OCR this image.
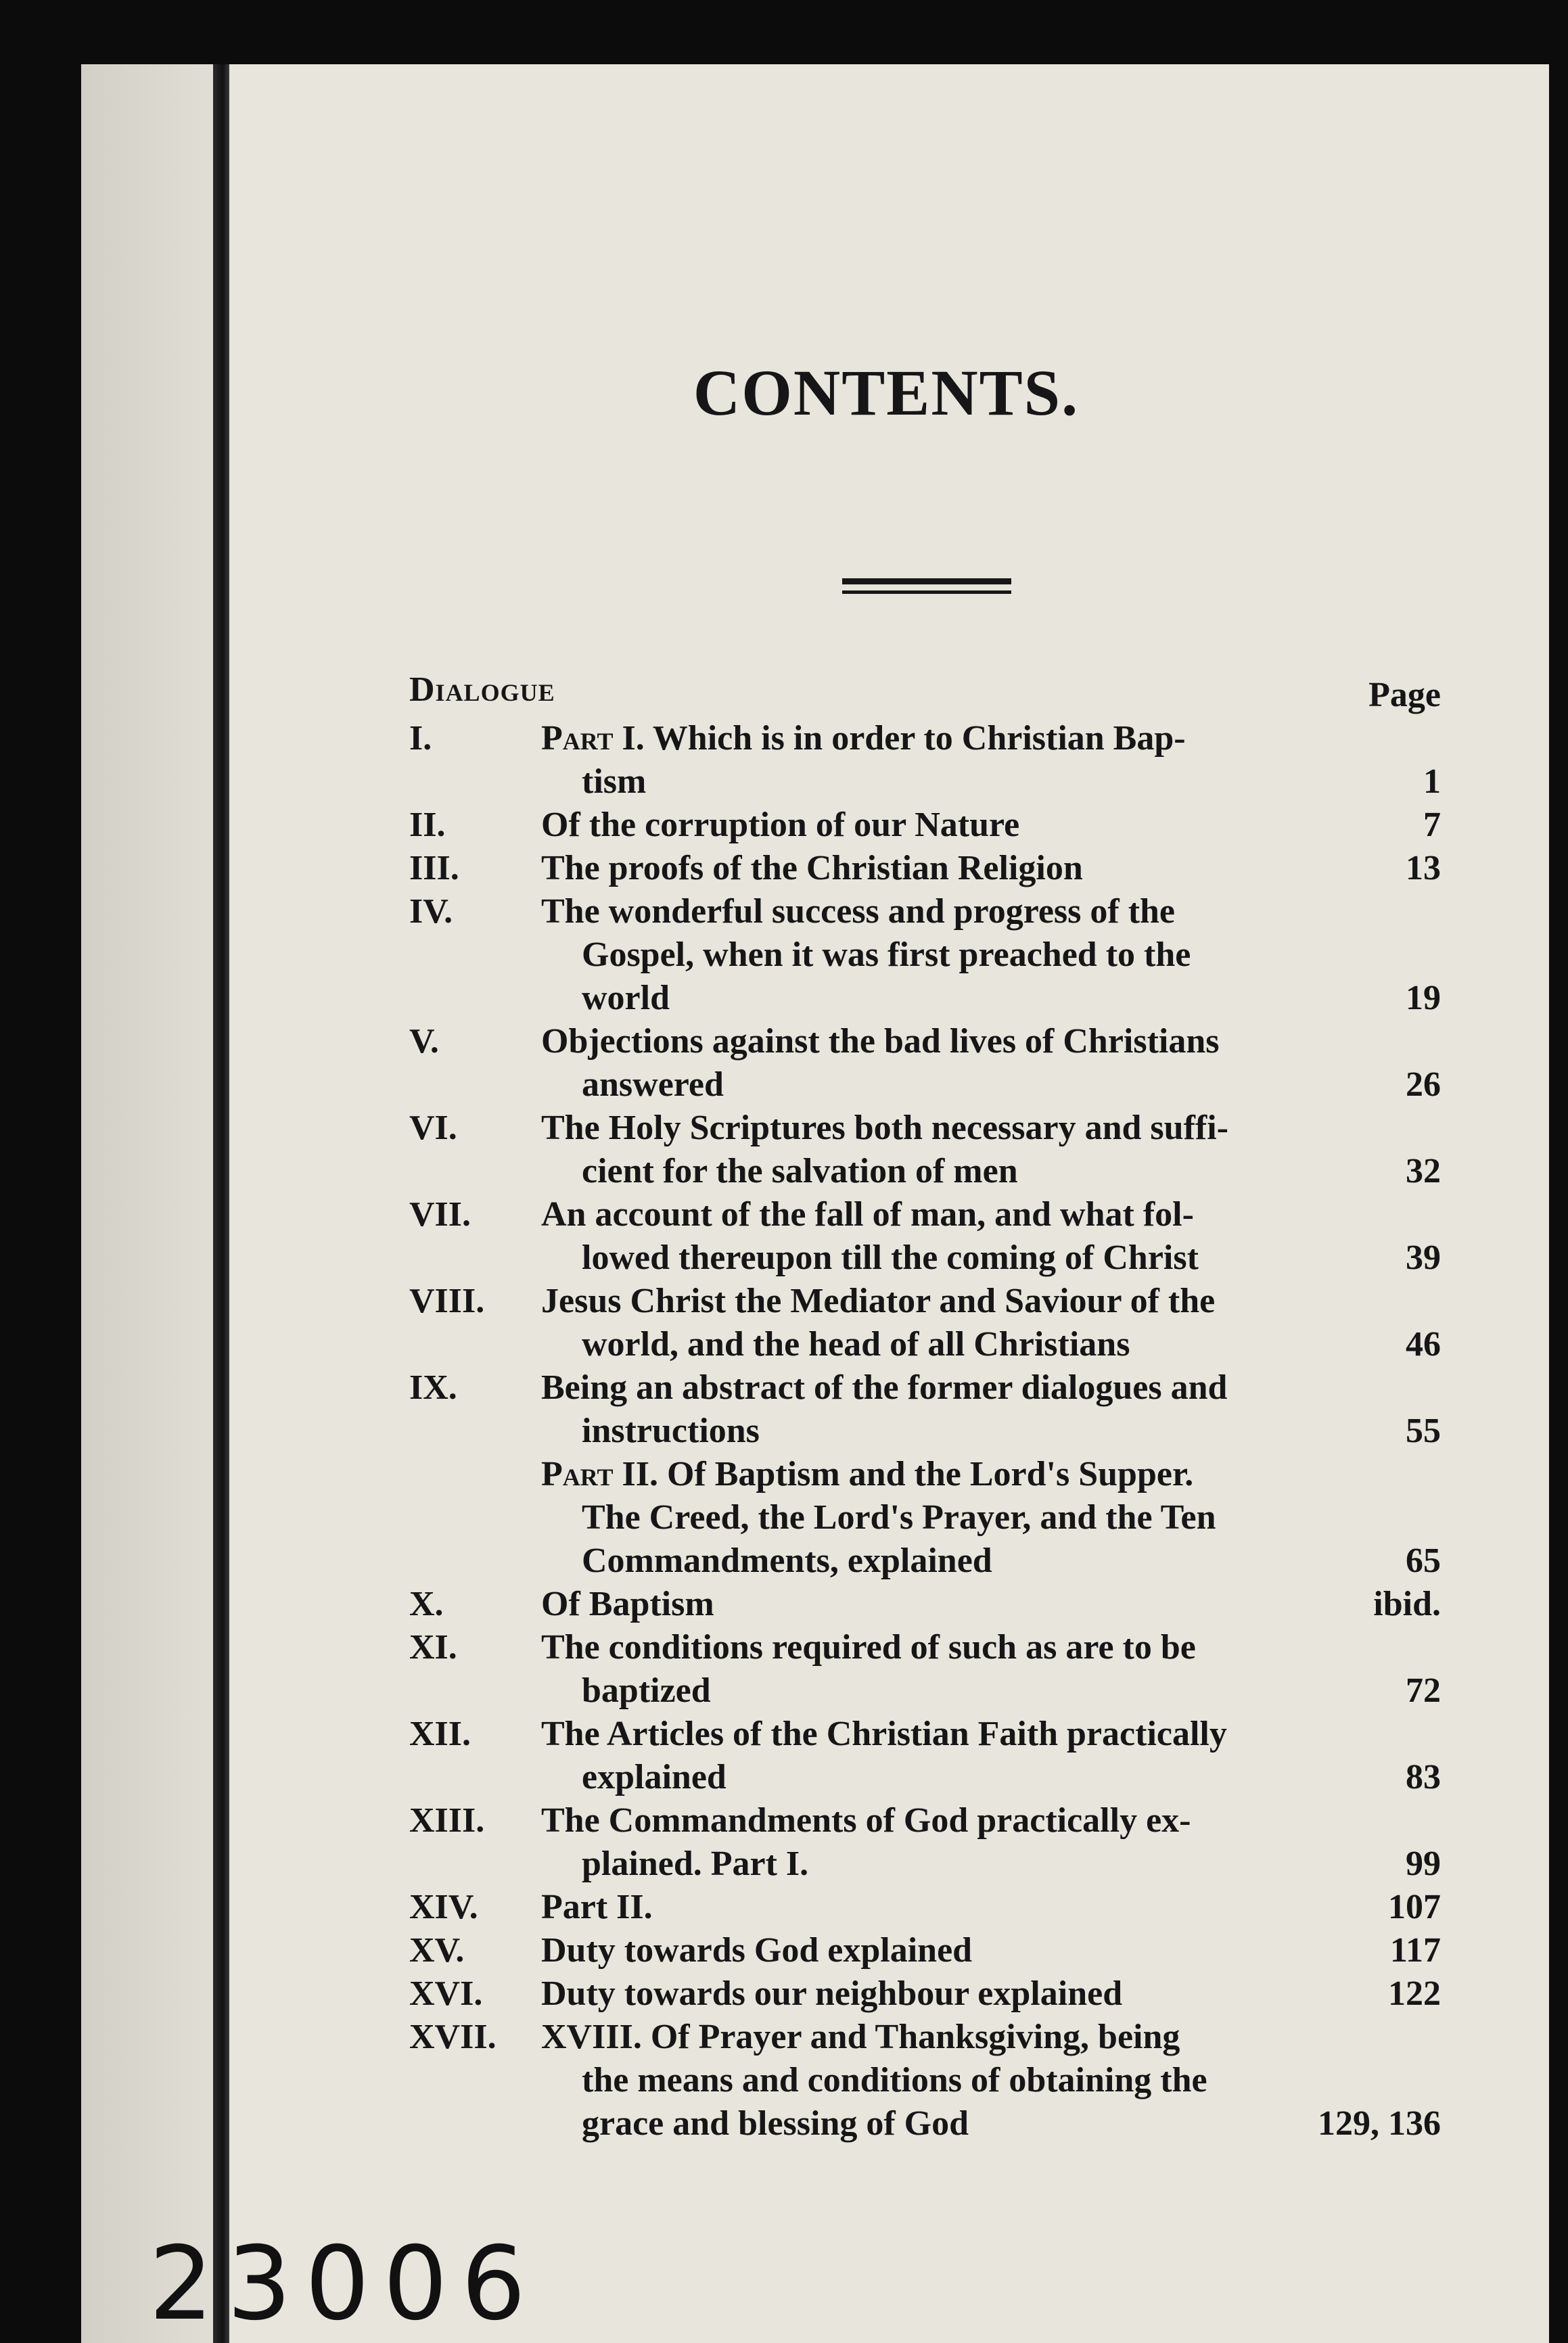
CONTENTS.
Dialogue	Page
I.	Part I. Which is in order to Christian Bap-
tism	1
II.	Of the corruption of our Nature	7
III.	The proofs of the Christian Religion	13
IV.	The wonderful success and progress of the
Gospel, when it was first preached to the
world	19
V.	Objections against the bad lives of Christians
answered	26
VI.	The Holy Scriptures both necessary and suffi-
cient for the salvation of men	32
VII.	An account of the fall of man, and what fol-
lowed thereupon till the coming of Christ	39
VIII.	Jesus Christ the Mediator and Saviour of the
world, and the head of all Christians	46
IX.	Being an abstract of the former dialogues and
instructions	55
Part II. Of Baptism and the Lord's Supper.
The Creed, the Lord's Prayer, and the Ten
Commandments, explained	65
X.	Of Baptism	ibid.
XI.	The conditions required of such as are to be
baptized	72
XII.	The Articles of the Christian Faith practically
explained	83
XIII.	The Commandments of God practically ex-
plained. Part I.	99
XIV.	Part II.	107
XV.	Duty towards God explained	117
XVI.	Duty towards our neighbour explained	122
XVII.	XVIII. Of Prayer and Thanksgiving, being
the means and conditions of obtaining the
grace and blessing of God	129, 136
23006
